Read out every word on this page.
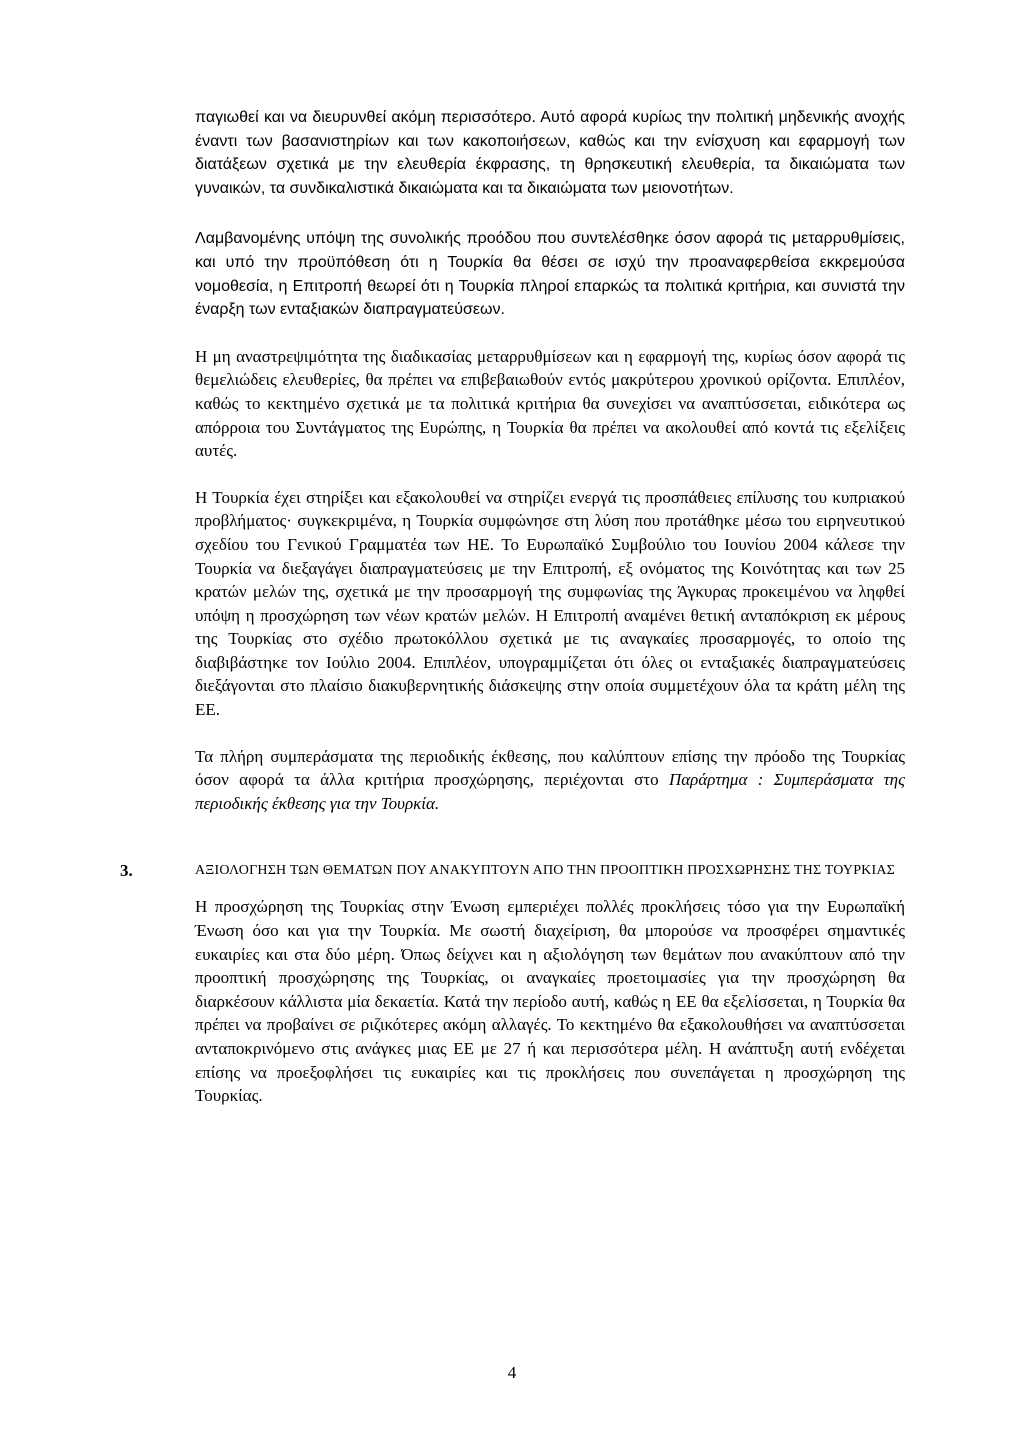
παγιωθεί και να διευρυνθεί ακόμη περισσότερο. Αυτό αφορά κυρίως την πολιτική μηδενικής ανοχής έναντι των βασανιστηρίων και των κακοποιήσεων, καθώς και την ενίσχυση και εφαρμογή των διατάξεων σχετικά με την ελευθερία έκφρασης, τη θρησκευτική ελευθερία, τα δικαιώματα των γυναικών, τα συνδικαλιστικά δικαιώματα και τα δικαιώματα των μειονοτήτων.

Λαμβανομένης υπόψη της συνολικής προόδου που συντελέσθηκε όσον αφορά τις μεταρρυθμίσεις, και υπό την προϋπόθεση ότι η Τουρκία θα θέσει σε ισχύ την προαναφερθείσα εκκρεμούσα νομοθεσία, η Επιτροπή θεωρεί ότι η Τουρκία πληροί επαρκώς τα πολιτικά κριτήρια, και συνιστά την έναρξη των ενταξιακών διαπραγματεύσεων.

Η μη αναστρεψιμότητα της διαδικασίας μεταρρυθμίσεων και η εφαρμογή της, κυρίως όσον αφορά τις θεμελιώδεις ελευθερίες, θα πρέπει να επιβεβαιωθούν εντός μακρύτερου χρονικού ορίζοντα. Επιπλέον, καθώς το κεκτημένο σχετικά με τα πολιτικά κριτήρια θα συνεχίσει να αναπτύσσεται, ειδικότερα ως απόρροια του Συντάγματος της Ευρώπης, η Τουρκία θα πρέπει να ακολουθεί από κοντά τις εξελίξεις αυτές.

Η Τουρκία έχει στηρίξει και εξακολουθεί να στηρίζει ενεργά τις προσπάθειες επίλυσης του κυπριακού προβλήματος· συγκεκριμένα, η Τουρκία συμφώνησε στη λύση που προτάθηκε μέσω του ειρηνευτικού σχεδίου του Γενικού Γραμματέα των ΗΕ. Το Ευρωπαϊκό Συμβούλιο του Ιουνίου 2004 κάλεσε την Τουρκία να διεξαγάγει διαπραγματεύσεις με την Επιτροπή, εξ ονόματος της Κοινότητας και των 25 κρατών μελών της, σχετικά με την προσαρμογή της συμφωνίας της Άγκυρας προκειμένου να ληφθεί υπόψη η προσχώρηση των νέων κρατών μελών. Η Επιτροπή αναμένει θετική ανταπόκριση εκ μέρους της Τουρκίας στο σχέδιο πρωτοκόλλου σχετικά με τις αναγκαίες προσαρμογές, το οποίο της διαβιβάστηκε τον Ιούλιο 2004. Επιπλέον, υπογραμμίζεται ότι όλες οι ενταξιακές διαπραγματεύσεις διεξάγονται στο πλαίσιο διακυβερνητικής διάσκεψης στην οποία συμμετέχουν όλα τα κράτη μέλη της ΕΕ.

Τα πλήρη συμπεράσματα της περιοδικής έκθεσης, που καλύπτουν επίσης την πρόοδο της Τουρκίας όσον αφορά τα άλλα κριτήρια προσχώρησης, περιέχονται στο Παράρτημα : Συμπεράσματα της περιοδικής έκθεσης για την Τουρκία.

3.	ΑΞΙΟΛΟΓΗΣΗ ΤΩΝ ΘΕΜΑΤΩΝ ΠΟΥ ΑΝΑΚΥΠΤΟΥΝ ΑΠΟ ΤΗΝ ΠΡΟΟΠΤΙΚΗ ΠΡΟΣΧΩΡΗΣΗΣ ΤΗΣ ΤΟΥΡΚΙΑΣ

Η προσχώρηση της Τουρκίας στην Ένωση εμπεριέχει πολλές προκλήσεις τόσο για την Ευρωπαϊκή Ένωση όσο και για την Τουρκία. Με σωστή διαχείριση, θα μπορούσε να προσφέρει σημαντικές ευκαιρίες και στα δύο μέρη. Όπως δείχνει και η αξιολόγηση των θεμάτων που ανακύπτουν από την προοπτική προσχώρησης της Τουρκίας, οι αναγκαίες προετοιμασίες για την προσχώρηση θα διαρκέσουν κάλλιστα μία δεκαετία. Κατά την περίοδο αυτή, καθώς η ΕΕ θα εξελίσσεται, η Τουρκία θα πρέπει να προβαίνει σε ριζικότερες ακόμη αλλαγές. Το κεκτημένο θα εξακολουθήσει να αναπτύσσεται ανταποκρινόμενο στις ανάγκες μιας ΕΕ με 27 ή και περισσότερα μέλη. Η ανάπτυξη αυτή ενδέχεται επίσης να προεξοφλήσει τις ευκαιρίες και τις προκλήσεις που συνεπάγεται η προσχώρηση της Τουρκίας.

4
